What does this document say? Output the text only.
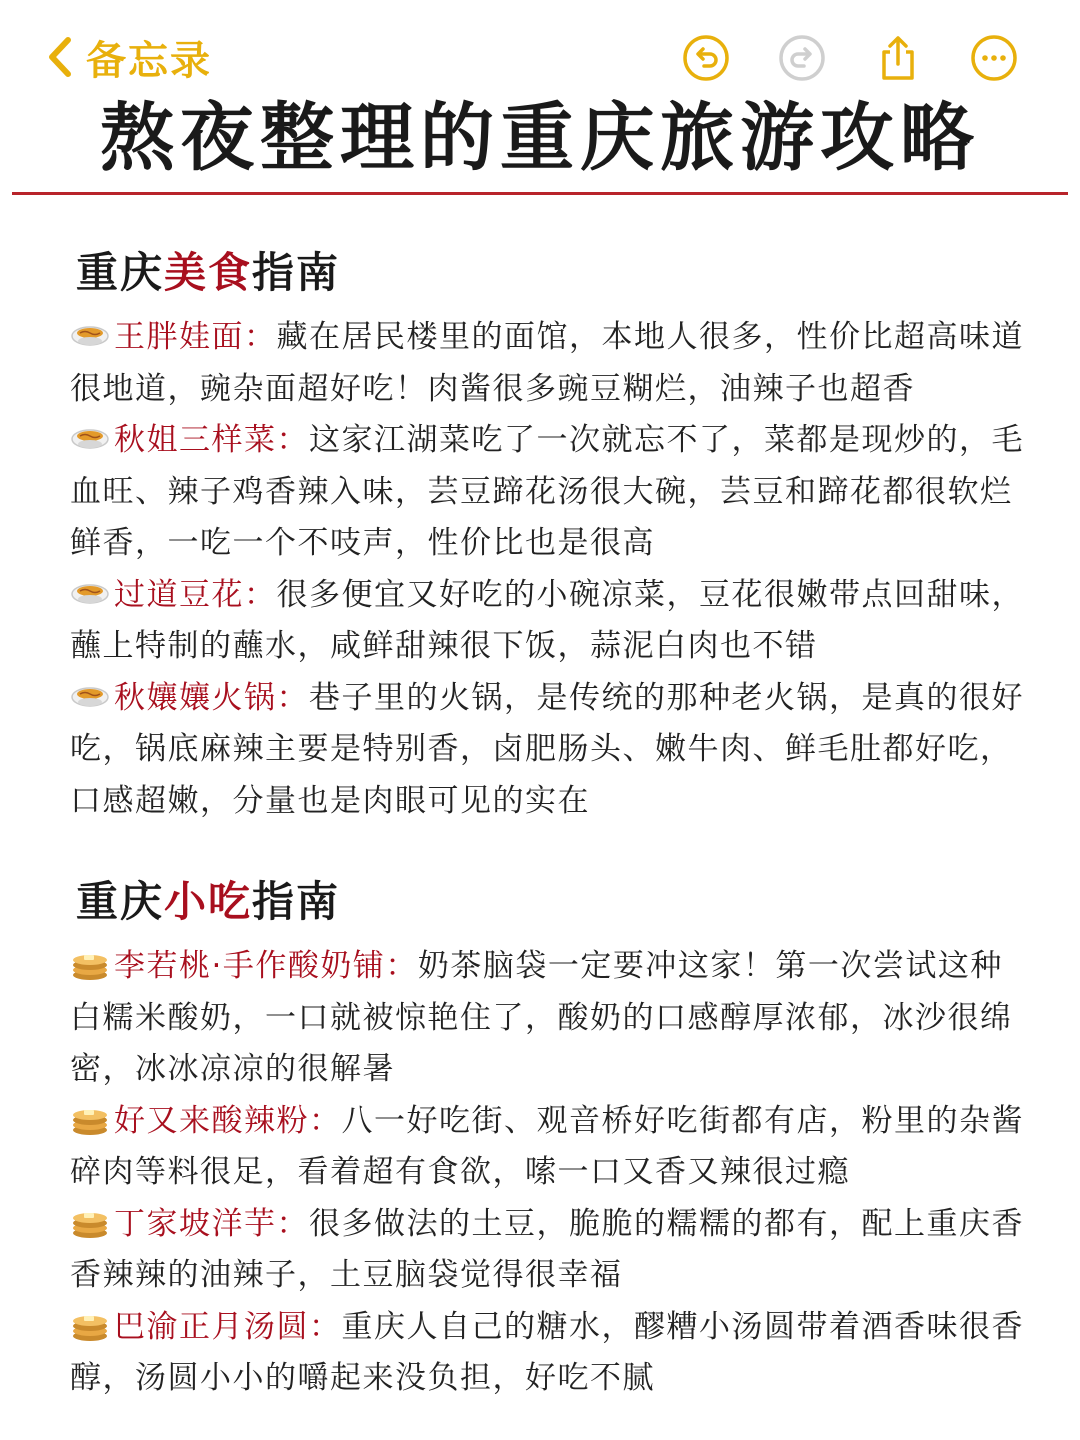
备忘录
熬夜整理的重庆旅游攻略
重庆美食指南
王胖娃面：藏在居民楼里的面馆，本地人很多，性价比超高味道很地道，豌杂面超好吃！肉酱很多豌豆糊烂，油辣子也超香
秋姐三样菜：这家江湖菜吃了一次就忘不了，菜都是现炒的，毛血旺、辣子鸡香辣入味，芸豆蹄花汤很大碗，芸豆和蹄花都很软烂鲜香，一吃一个不吱声，性价比也是很高
过道豆花：很多便宜又好吃的小碗凉菜，豆花很嫩带点回甜味，蘸上特制的蘸水，咸鲜甜辣很下饭，蒜泥白肉也不错
秋孃孃火锅：巷子里的火锅，是传统的那种老火锅，是真的很好吃，锅底麻辣主要是特别香，卤肥肠头、嫩牛肉、鲜毛肚都好吃，口感超嫩，分量也是肉眼可见的实在
重庆小吃指南
李若桃·手作酸奶铺：奶茶脑袋一定要冲这家！第一次尝试这种白糯米酸奶，一口就被惊艳住了，酸奶的口感醇厚浓郁，冰沙很绵密，冰冰凉凉的很解暑
好又来酸辣粉：八一好吃街、观音桥好吃街都有店，粉里的杂酱碎肉等料很足，看着超有食欲，嗦一口又香又辣很过瘾
丁家坡洋芋：很多做法的土豆，脆脆的糯糯的都有，配上重庆香香辣辣的油辣子，土豆脑袋觉得很幸福
巴渝正月汤圆：重庆人自己的糖水，醪糟小汤圆带着酒香味很香醇，汤圆小小的嚼起来没负担，好吃不腻
